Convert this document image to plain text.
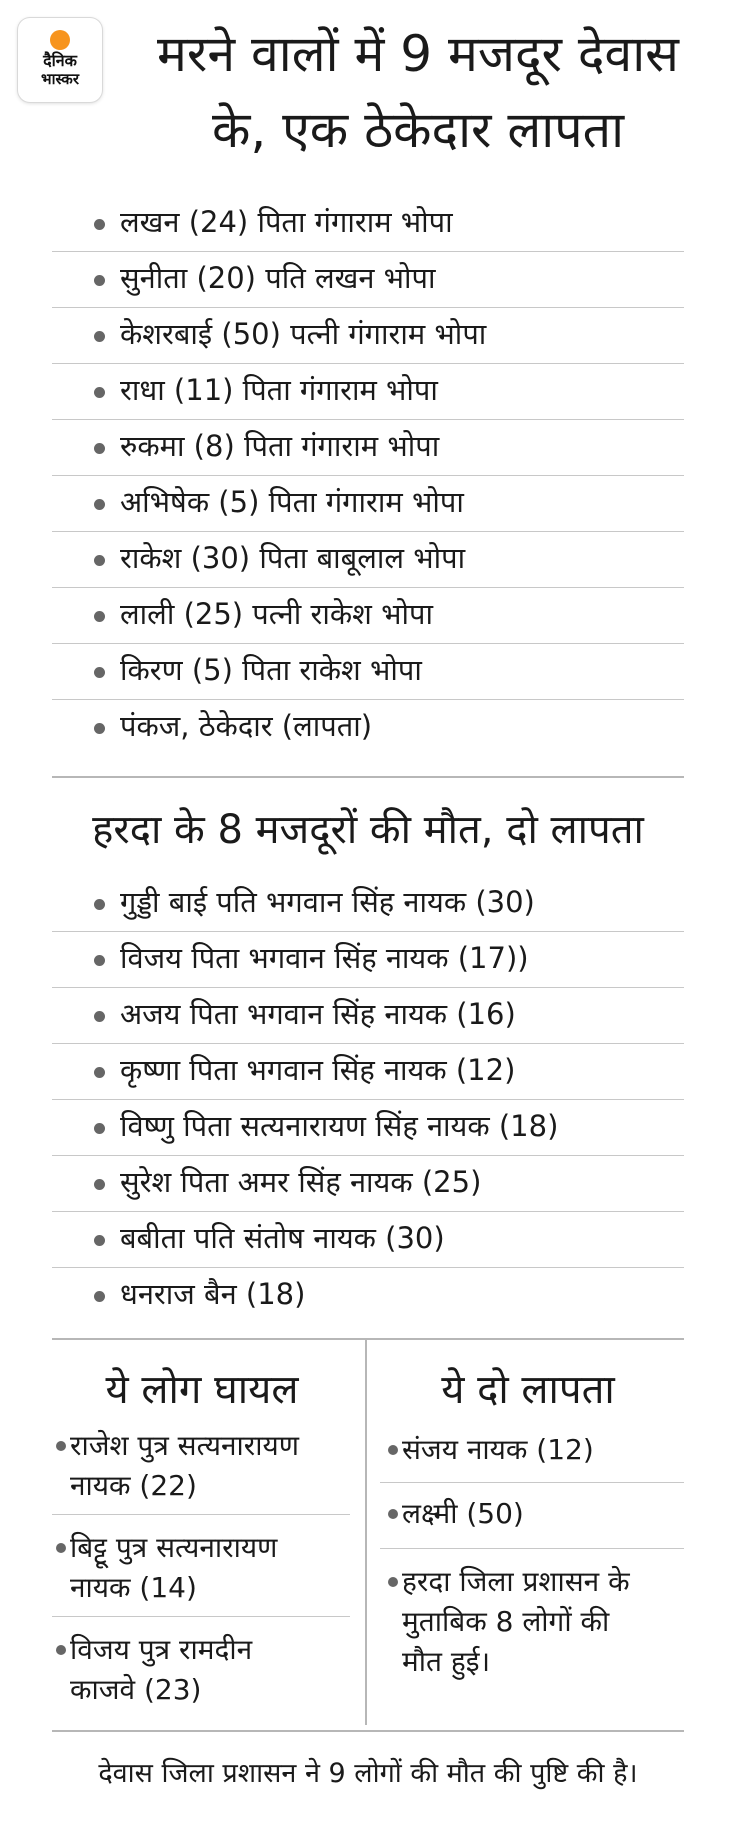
दैनिक
भास्कर	मरने वालों में 9 मजदूर देवास
के, एक ठेकेदार लापता
लखन (24) पिता गंगाराम भोपा
सुनीता (20) पति लखन भोपा
केशरबाई (50) पत्नी गंगाराम भोपा
राधा (11) पिता गंगाराम भोपा
रुकमा (8) पिता गंगाराम भोपा
अभिषेक (5) पिता गंगाराम भोपा
राकेश (30) पिता बाबूलाल भोपा
लाली (25) पत्नी राकेश भोपा
किरण (5) पिता राकेश भोपा
पंकज, ठेकेदार (लापता)
हरदा के 8 मजदूरों की मौत, दो लापता
गुड्डी बाई पति भगवान सिंह नायक (30)
विजय पिता भगवान सिंह नायक (17))
अजय पिता भगवान सिंह नायक (16)
कृष्णा पिता भगवान सिंह नायक (12)
विष्णु पिता सत्यनारायण सिंह नायक (18)
सुरेश पिता अमर सिंह नायक (25)
बबीता पति संतोष नायक (30)
धनराज बैन (18)
ये लोग घायल	ये दो लापता
राजेश पुत्र सत्यनारायण
नायक (22)
बिट्टू पुत्र सत्यनारायण
नायक (14)
विजय पुत्र रामदीन
काजवे (23)
संजय नायक (12)
लक्ष्मी (50)
हरदा जिला प्रशासन के
मुताबिक 8 लोगों की
मौत हुई।
देवास जिला प्रशासन ने 9 लोगों की मौत की पुष्टि की है।
